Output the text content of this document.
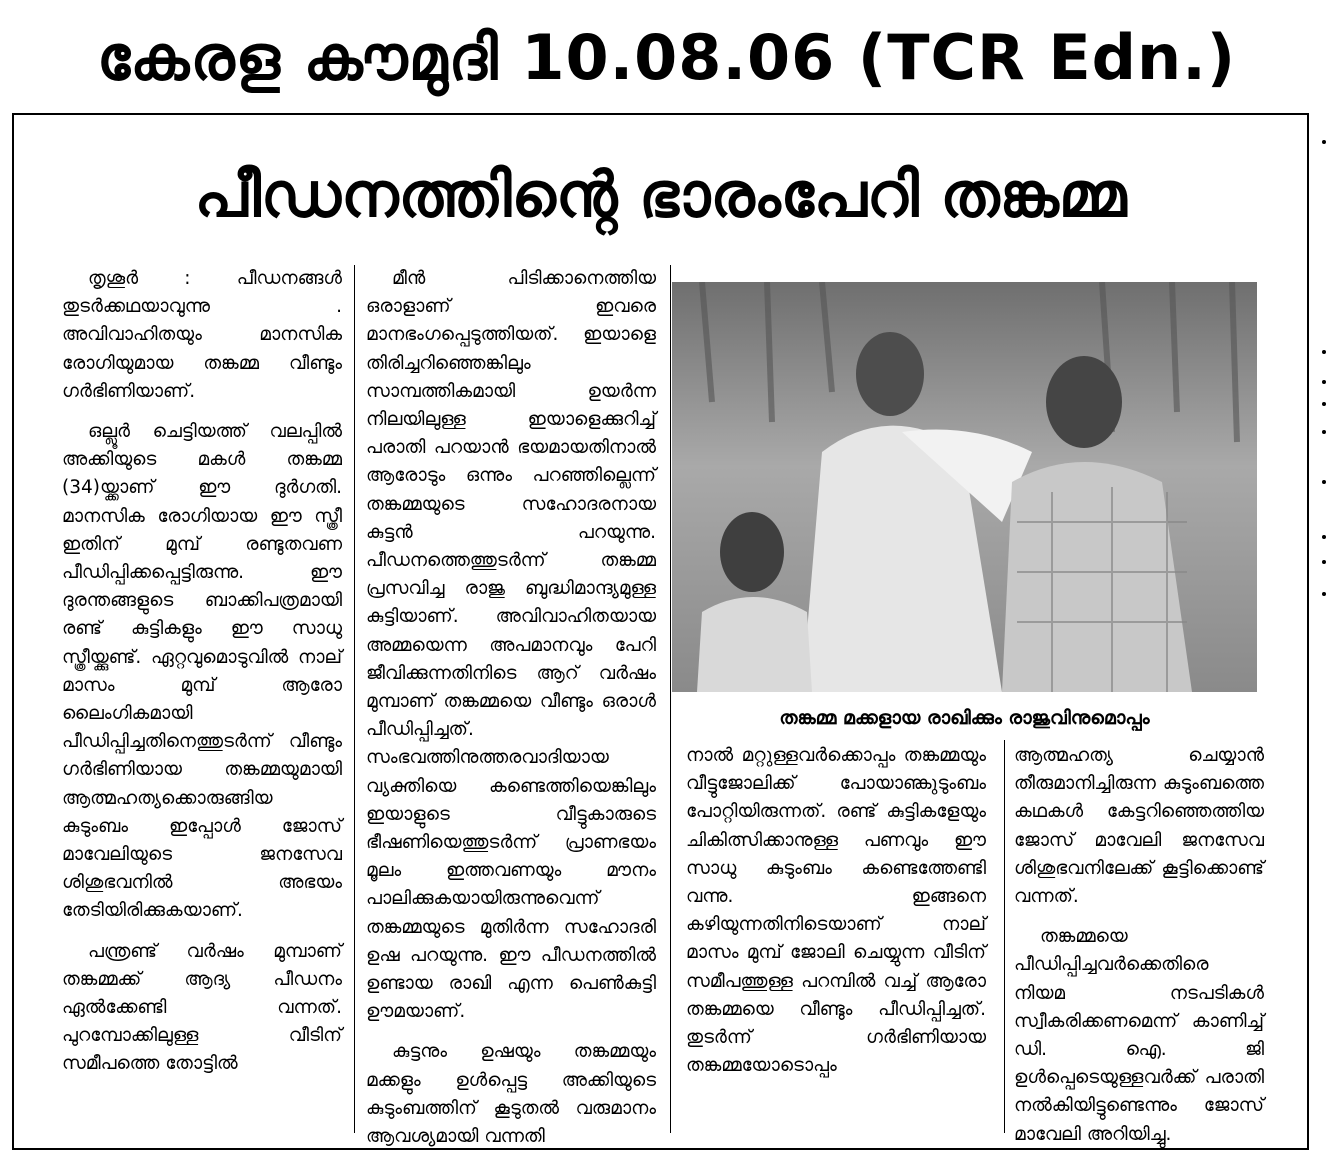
കേരള കൗമുദി 10.08.06 (TCR Edn.)
പീഡനത്തിന്റെ ഭാരംപേറി തങ്കമ്മ

തൃശൂർ : പീഡനങ്ങൾ തുടർക്കഥയാവുന്നു . അവിവാഹിതയും മാനസിക രോഗിയുമായ തങ്കമ്മ വീണ്ടും ഗർഭിണിയാണ്.

ഒല്ലൂർ ചെട്ടിയത്ത് വലപ്പിൽ അക്കിയുടെ മകൾ തങ്കമ്മ (34)യ്ക്കാണ് ഈ ദുർഗതി. മാനസിക രോഗിയായ ഈ സ്ത്രീ ഇതിന് മുമ്പ് രണ്ടുതവണ പീഡിപ്പിക്കപ്പെട്ടിരുന്നു. ഈ ദുരന്തങ്ങളുടെ ബാക്കിപത്രമായി രണ്ട് കുട്ടികളും ഈ സാധു സ്ത്രീയ്ക്കുണ്ട്. ഏറ്റവുമൊടുവിൽ നാല് മാസം മുമ്പ് ആരോ ലൈംഗികമായി പീഡിപ്പിച്ചതിനെത്തുടർന്ന് വീണ്ടും ഗർഭിണിയായ തങ്കമ്മയുമായി ആത്മഹത്യക്കൊരുങ്ങിയ കുടുംബം ഇപ്പോൾ ജോസ് മാവേലിയുടെ ജനസേവ ശിശുഭവനിൽ അഭയം തേടിയിരിക്കുകയാണ്.

പന്ത്രണ്ട് വർഷം മുമ്പാണ് തങ്കമ്മക്ക് ആദ്യ പീഡനം ഏൽക്കേണ്ടി വന്നത്. പുറമ്പോക്കിലുള്ള വീടിന് സമീപത്തെ തോട്ടിൽ

മീൻ പിടിക്കാനെത്തിയ ഒരാളാണ് ഇവരെ മാനഭംഗപ്പെടുത്തിയത്. ഇയാളെ തിരിച്ചറിഞ്ഞെങ്കിലും സാമ്പത്തികമായി ഉയർന്ന നിലയിലുള്ള ഇയാളെക്കുറിച്ച് പരാതി പറയാൻ ഭയമായതിനാൽ ആരോടും ഒന്നും പറഞ്ഞില്ലെന്ന് തങ്കമ്മയുടെ സഹോദരനായ കുട്ടൻ പറയുന്നു. പീഡനത്തെത്തുടർന്ന് തങ്കമ്മ പ്രസവിച്ച രാജു ബുദ്ധിമാന്ദ്യമുള്ള കുട്ടിയാണ്. അവിവാഹിതയായ അമ്മയെന്ന അപമാനവും പേറി ജീവിക്കുന്നതിനിടെ ആറ് വർഷം മുമ്പാണ് തങ്കമ്മയെ വീണ്ടും ഒരാൾ പീഡിപ്പിച്ചത്. സംഭവത്തിനുത്തരവാദിയായ വ്യക്തിയെ കണ്ടെത്തിയെങ്കിലും ഇയാളുടെ വീട്ടുകാരുടെ ഭീഷണിയെത്തുടർന്ന് പ്രാണഭയം മൂലം ഇത്തവണയും മൗനം പാലിക്കുകയായിരുന്നുവെന്ന് തങ്കമ്മയുടെ മുതിർന്ന സഹോദരി ഉഷ പറയുന്നു. ഈ പീഡനത്തിൽ ഉണ്ടായ രാഖി എന്ന പെൺകുട്ടി ഊമയാണ്.

കുട്ടനും ഉഷയും തങ്കമ്മയും മക്കളും ഉൾപ്പെട്ട അക്കിയുടെ കുടുംബത്തിന് കൂടുതൽ വരുമാനം ആവശ്യമായി വന്നതി

തങ്കമ്മ മക്കളായ രാഖിക്കും രാജുവിനുമൊപ്പം

നാൽ മറ്റുള്ളവർക്കൊപ്പം തങ്കമ്മയും വീട്ടുജോലിക്ക് പോയാണ്കുടുംബം പോറ്റിയിരുന്നത്. രണ്ട് കുട്ടികളേയും ചികിത്സിക്കാനുള്ള പണവും ഈ സാധു കുടുംബം കണ്ടെത്തേണ്ടി വന്നു. ഇങ്ങനെ കഴിയുന്നതിനിടെയാണ് നാല് മാസം മുമ്പ് ജോലി ചെയ്യുന്ന വീടിന് സമീപത്തുള്ള പറമ്പിൽ വച്ച് ആരോ തങ്കമ്മയെ വീണ്ടും പീഡിപ്പിച്ചത്. തുടർന്ന് ഗർഭിണിയായ തങ്കമ്മയോടൊപ്പം

ആത്മഹത്യ ചെയ്യാൻ തീരുമാനിച്ചിരുന്ന കുടുംബത്തെ കഥകൾ കേട്ടറിഞ്ഞെത്തിയ ജോസ് മാവേലി ജനസേവ ശിശുഭവനിലേക്ക് കൂട്ടിക്കൊണ്ട് വന്നത്.

തങ്കമ്മയെ പീഡിപ്പിച്ചവർക്കെതിരെ നിയമ നടപടികൾ സ്വീകരിക്കണമെന്ന് കാണിച്ച് ഡി. ഐ. ജി ഉൾപ്പെടെയുള്ളവർക്ക് പരാതി നൽകിയിട്ടുണ്ടെന്നും ജോസ് മാവേലി അറിയിച്ചു.
